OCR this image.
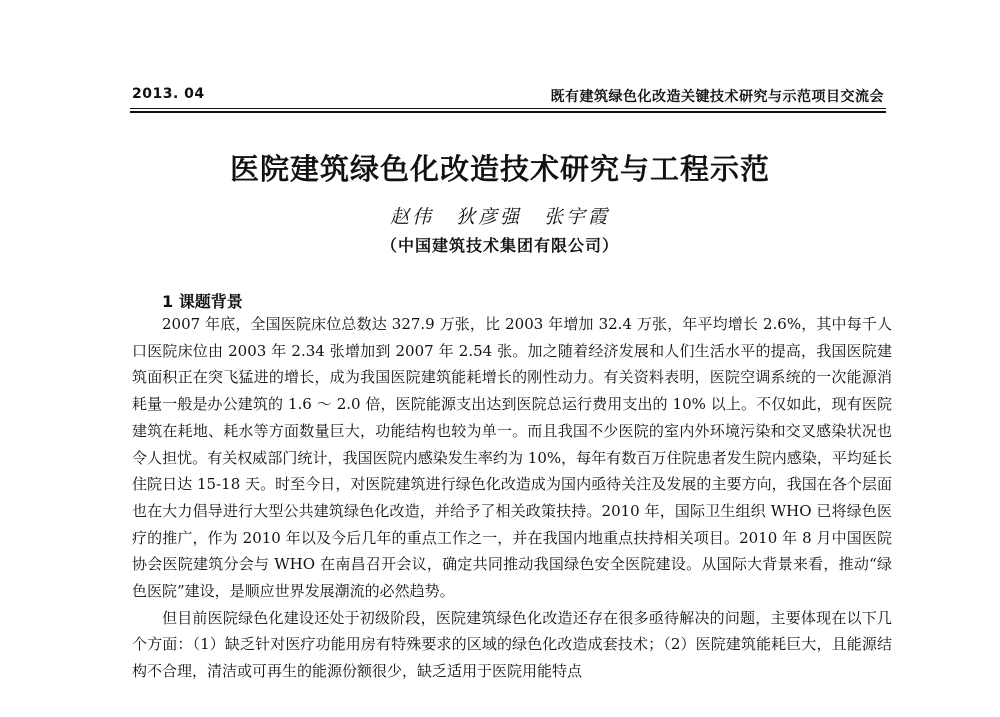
2013. 04	既有建筑绿色化改造关键技术研究与示范项目交流会
医院建筑绿色化改造技术研究与工程示范
赵伟　狄彦强　张宇霞
（中国建筑技术集团有限公司）
1 课题背景

2007 年底，全国医院床位总数达 327.9 万张，比 2003 年增加 32.4 万张，年平均增长 2.6%，其中每千人口医院床位由 2003 年 2.34 张增加到 2007 年 2.54 张。加之随着经济发展和人们生活水平的提高，我国医院建筑面积正在突飞猛进的增长，成为我国医院建筑能耗增长的刚性动力。有关资料表明，医院空调系统的一次能源消耗量一般是办公建筑的 1.6 ～ 2.0 倍，医院能源支出达到医院总运行费用支出的 10% 以上。不仅如此，现有医院建筑在耗地、耗水等方面数量巨大，功能结构也较为单一。而且我国不少医院的室内外环境污染和交叉感染状况也令人担忧。有关权威部门统计，我国医院内感染发生率约为 10%，每年有数百万住院患者发生院内感染，平均延长住院日达 15-18 天。时至今日，对医院建筑进行绿色化改造成为国内亟待关注及发展的主要方向，我国在各个层面也在大力倡导进行大型公共建筑绿色化改造，并给予了相关政策扶持。2010 年，国际卫生组织 WHO 已将绿色医疗的推广，作为 2010 年以及今后几年的重点工作之一，并在我国内地重点扶持相关项目。2010 年 8 月中国医院协会医院建筑分会与 WHO 在南昌召开会议，确定共同推动我国绿色安全医院建设。从国际大背景来看，推动“绿色医院”建设，是顺应世界发展潮流的必然趋势。

但目前医院绿色化建设还处于初级阶段，医院建筑绿色化改造还存在很多亟待解决的问题，主要体现在以下几个方面：（1）缺乏针对医疗功能用房有特殊要求的区域的绿色化改造成套技术；（2）医院建筑能耗巨大，且能源结构不合理，清洁或可再生的能源份额很少，缺乏适用于医院用能特点
